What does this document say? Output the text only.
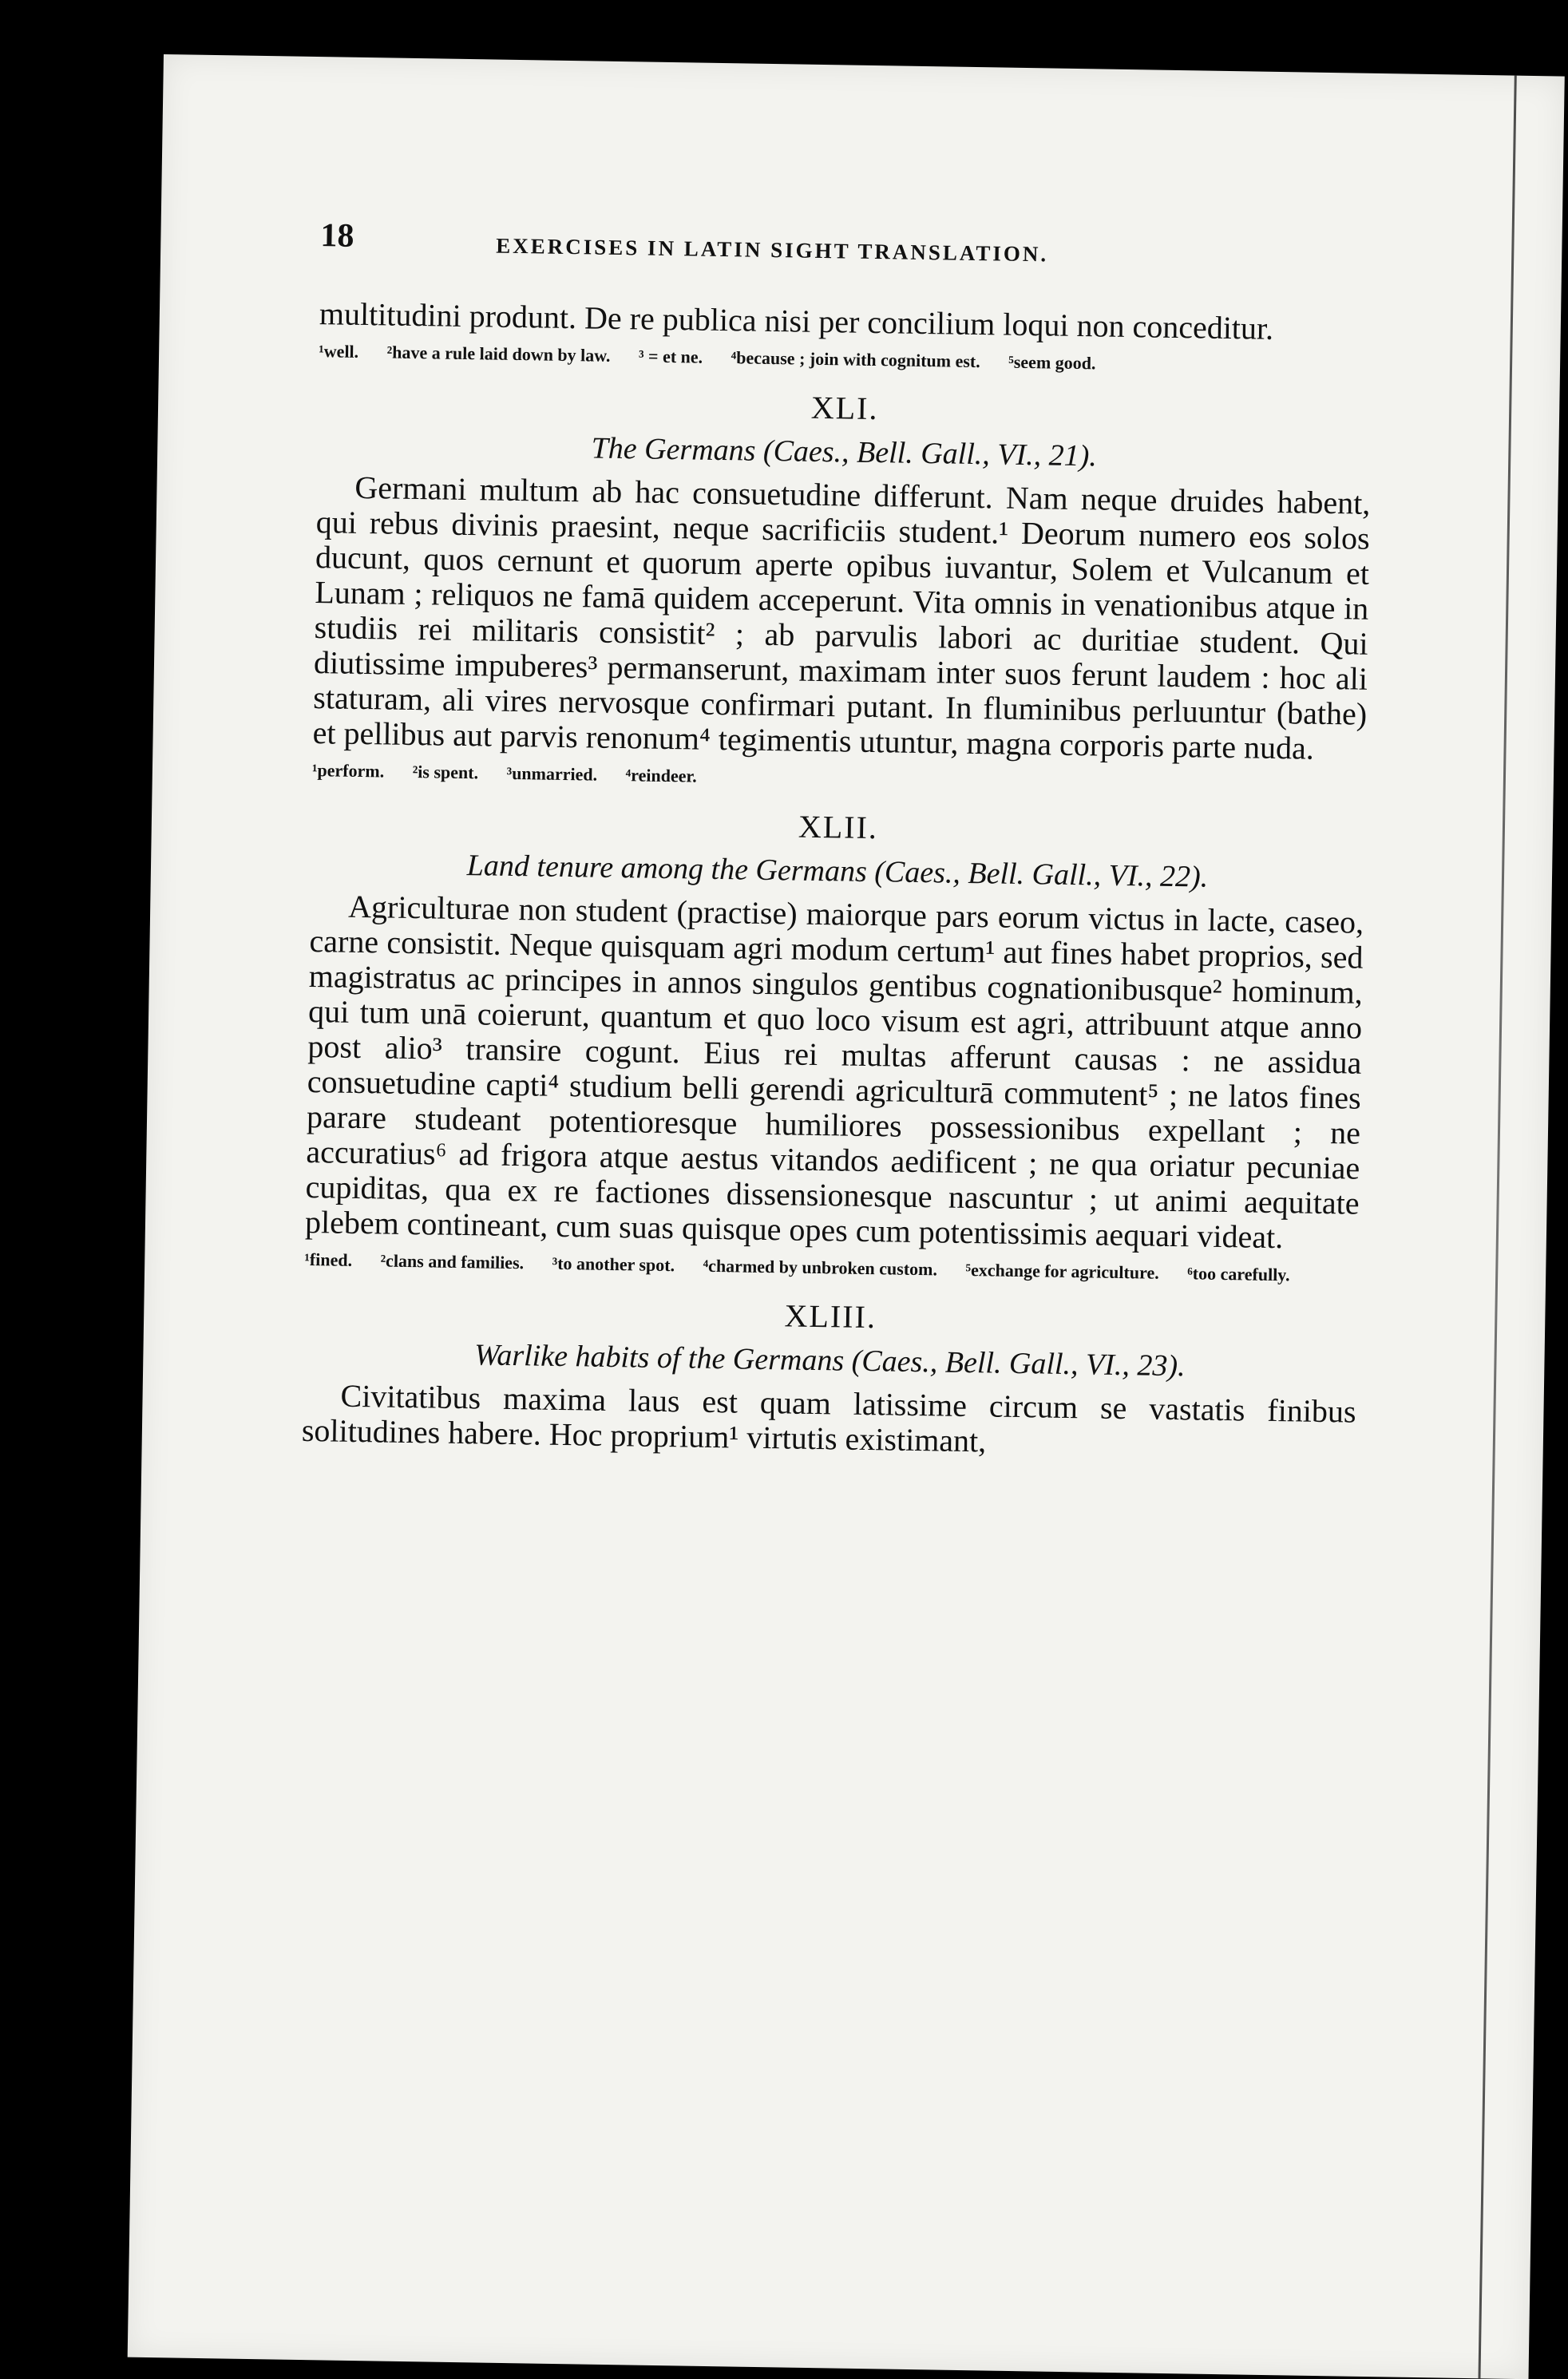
18	EXERCISES IN LATIN SIGHT TRANSLATION.

multitudini produnt. De re publica nisi per concilium loqui non conceditur.

¹well. ²have a rule laid down by law. ³ = et ne. ⁴because ; join with cognitum est. ⁵seem good.
XLI.
The Germans (Caes., Bell. Gall., VI., 21).

Germani multum ab hac consuetudine differunt. Nam neque druides habent, qui rebus divinis praesint, neque sacrificiis student.¹ Deorum numero eos solos ducunt, quos cernunt et quorum aperte opibus iuvantur, Solem et Vulcanum et Lunam ; reliquos ne famā quidem acceperunt. Vita omnis in venationibus atque in studiis rei militaris consistit² ; ab parvulis labori ac duritiae student. Qui diutissime impuberes³ permanserunt, maximam inter suos ferunt laudem : hoc ali staturam, ali vires nervosque confirmari putant. In fluminibus perluuntur (bathe) et pellibus aut parvis renonum⁴ tegimentis utuntur, magna corporis parte nuda.

¹perform. ²is spent. ³unmarried. ⁴reindeer.
XLII.
Land tenure among the Germans (Caes., Bell. Gall., VI., 22).

Agriculturae non student (practise) maiorque pars eorum victus in lacte, caseo, carne consistit. Neque quisquam agri modum certum¹ aut fines habet proprios, sed magistratus ac principes in annos singulos gentibus cognationibusque² hominum, qui tum unā coierunt, quantum et quo loco visum est agri, attribuunt atque anno post alio³ transire cogunt. Eius rei multas afferunt causas : ne assidua consuetudine capti⁴ studium belli gerendi agriculturā commutent⁵ ; ne latos fines parare studeant potentioresque humiliores possessionibus expellant ; ne accuratius⁶ ad frigora atque aestus vitandos aedificent ; ne qua oriatur pecuniae cupiditas, qua ex re factiones dissensionesque nascuntur ; ut animi aequitate plebem contineant, cum suas quisque opes cum potentissimis aequari videat.

¹fined. ²clans and families. ³to another spot. ⁴charmed by unbroken custom. ⁵exchange for agriculture. ⁶too carefully.
XLIII.
Warlike habits of the Germans (Caes., Bell. Gall., VI., 23).

Civitatibus maxima laus est quam latissime circum se vastatis finibus solitudines habere. Hoc proprium¹ virtutis existimant,
